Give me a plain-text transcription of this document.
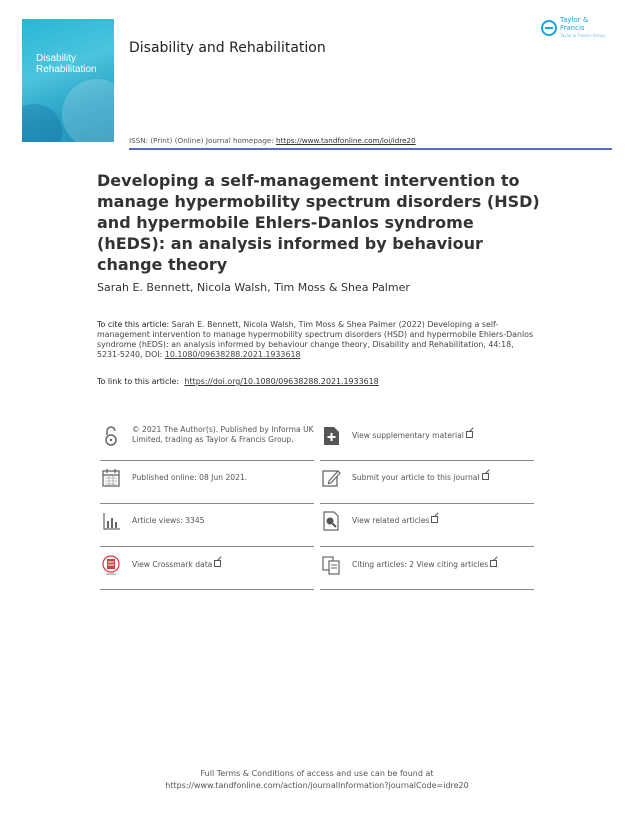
Disability
Rehabilitation
Disability and Rehabilitation
Taylor & Francis
Taylor & Francis Group
ISSN: (Print) (Online) Journal homepage: https://www.tandfonline.com/loi/idre20
Developing a self-management intervention to manage hypermobility spectrum disorders (HSD) and hypermobile Ehlers-Danlos syndrome (hEDS): an analysis informed by behaviour change theory
Sarah E. Bennett, Nicola Walsh, Tim Moss & Shea Palmer
To cite this article: Sarah E. Bennett, Nicola Walsh, Tim Moss & Shea Palmer (2022) Developing a self-management intervention to manage hypermobility spectrum disorders (HSD) and hypermobile Ehlers-Danlos syndrome (hEDS): an analysis informed by behaviour change theory, Disability and Rehabilitation, 44:18, 5231-5240, DOI: 10.1080/09638288.2021.1933618
To link to this article: https://doi.org/10.1080/09638288.2021.1933618
© 2021 The Author(s). Published by Informa UK Limited, trading as Taylor & Francis Group.	View supplementary material
Published online: 08 Jun 2021.	Submit your article to this journal
Article views: 3345	View related articles
View Crossmark data	Citing articles: 2 View citing articles
Full Terms & Conditions of access and use can be found at
https://www.tandfonline.com/action/journalInformation?journalCode=idre20
